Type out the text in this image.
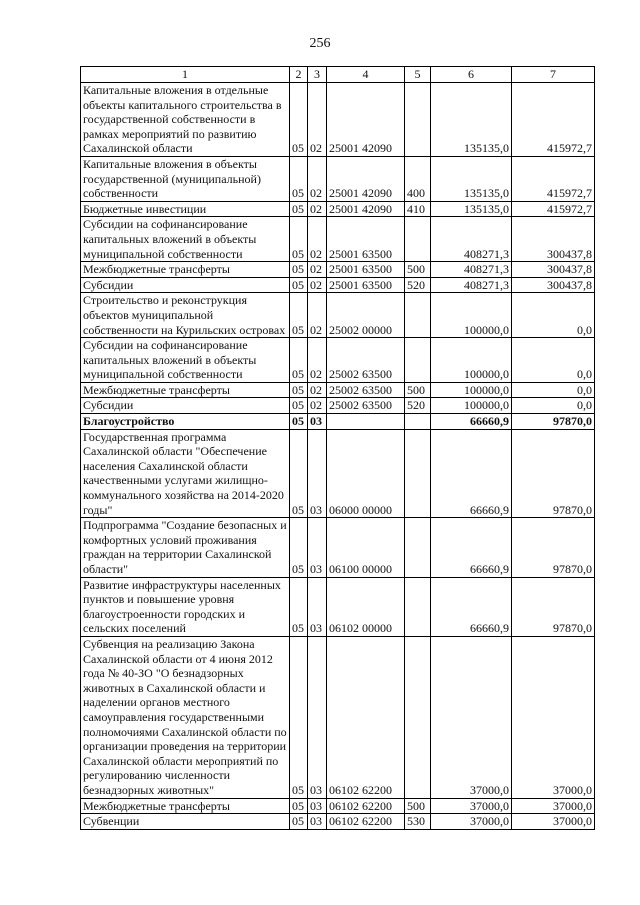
256
1	2	3	4	5	6	7
Капитальные вложения в отдельные объекты капитального строительства в государственной собственности в рамках мероприятий по развитию Сахалинской области	05	02	25001 42090		135135,0	415972,7
Капитальные вложения в объекты государственной (муниципальной) собственности	05	02	25001 42090	400	135135,0	415972,7
Бюджетные инвестиции	05	02	25001 42090	410	135135,0	415972,7
Субсидии на софинансирование капитальных вложений в объекты муниципальной собственности	05	02	25001 63500		408271,3	300437,8
Межбюджетные трансферты	05	02	25001 63500	500	408271,3	300437,8
Субсидии	05	02	25001 63500	520	408271,3	300437,8
Строительство и реконструкция объектов муниципальной собственности на Курильских островах	05	02	25002 00000		100000,0	0,0
Субсидии на софинансирование капитальных вложений в объекты муниципальной собственности	05	02	25002 63500		100000,0	0,0
Межбюджетные трансферты	05	02	25002 63500	500	100000,0	0,0
Субсидии	05	02	25002 63500	520	100000,0	0,0
Благоустройство	05	03			66660,9	97870,0
Государственная программа Сахалинской области "Обеспечение населения Сахалинской области качественными услугами жилищно-коммунального хозяйства на 2014-2020 годы"	05	03	06000 00000		66660,9	97870,0
Подпрограмма "Создание безопасных и комфортных условий проживания граждан на территории Сахалинской области"	05	03	06100 00000		66660,9	97870,0
Развитие инфраструктуры населенных пунктов и повышение уровня благоустроенности городских и сельских поселений	05	03	06102 00000		66660,9	97870,0
Субвенция на реализацию Закона Сахалинской области от 4 июня 2012 года № 40-ЗО "О безнадзорных животных в Сахалинской области и наделении органов местного самоуправления государственными полномочиями Сахалинской области по организации проведения на территории Сахалинской области мероприятий по регулированию численности безнадзорных животных"	05	03	06102 62200		37000,0	37000,0
Межбюджетные трансферты	05	03	06102 62200	500	37000,0	37000,0
Субвенции	05	03	06102 62200	530	37000,0	37000,0
